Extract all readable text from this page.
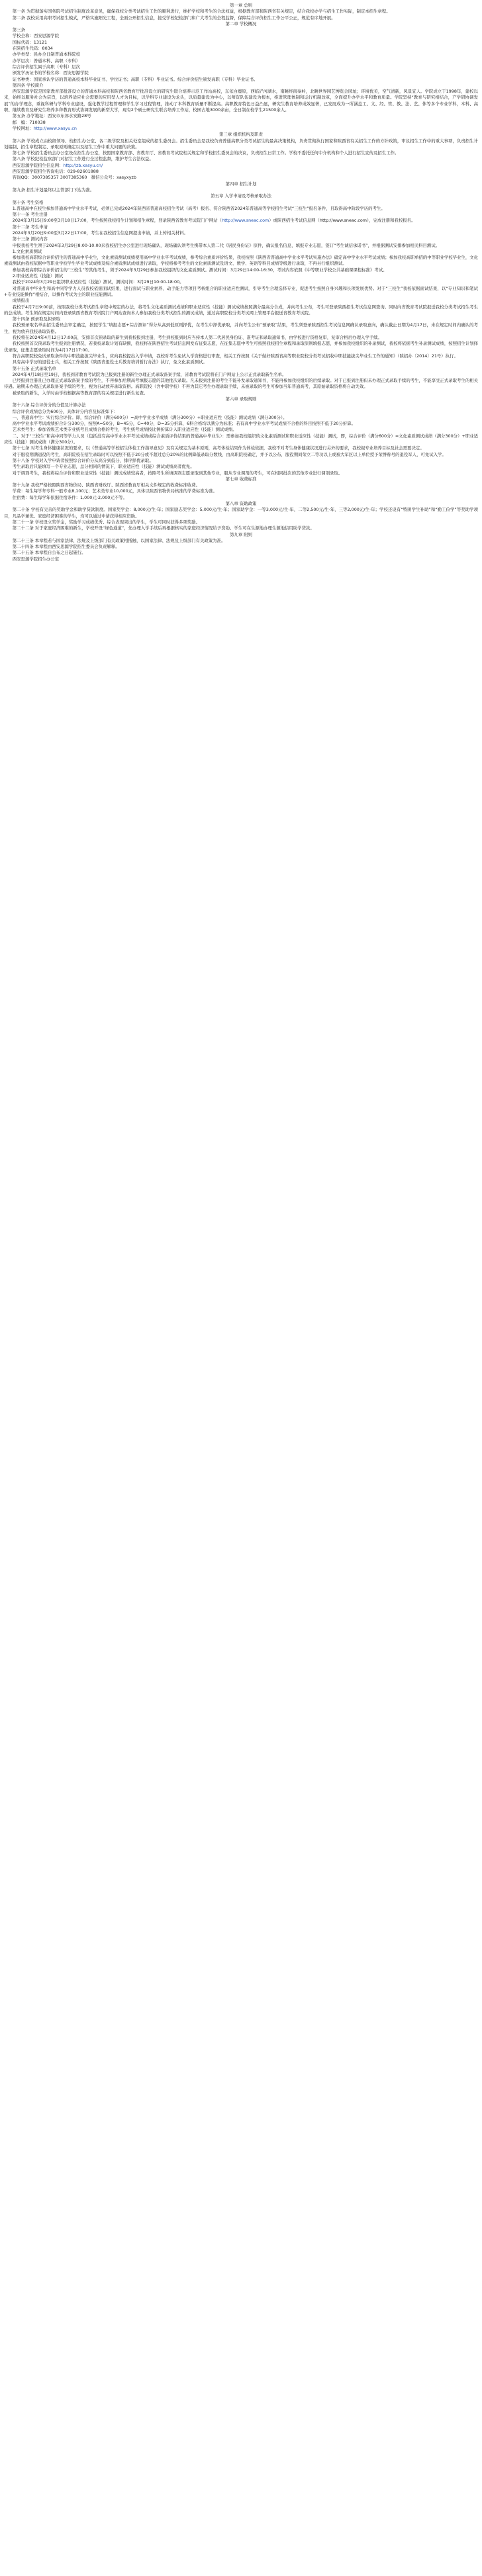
第一章 总则
第一条 为贯彻落实国务院考试招生制度改革意见，确保我校分类考试招生工作的顺利进行，维护学校和考生的合法权益，根据教育部和陕西省有关规定，结合我校办学与招生工作实际，制定本招生章程。
第二条 我校采用高职考试招生模式，严格实施阳光工程，全面公开招生信息，接受学校纪检部门和广大考生的全程监督，保障综合评价招生工作公平公正，规范有序地开展。
第二章 学校概况
第三条
学校全称：西安思源学院
国标代码：13121
在陕招生代码：8034
办学类型：民办全日制普通本科院校
办学层次：普通本科、高职（专科）
综合评价招生属于高职（专科）层次
颁发学历证书的学校名称：西安思源学院
证书种类：国家承认学历的普通高校本科毕业证书、学位证书；高职（专科）毕业证书。综合评价招生颁发高职（专科）毕业证书。
第四条 学校简介
西安思源学院是国家教育部批准设立的普通本科高校和陕西省教育厅批准设立的研究生联合培养示范工作站高校，东依白鹿原，西临浐河湖水，南眺终南秦岭，北眺世界园艺博览会园址；环境优美，空气清新，风景宜人。学院成立于1998年，建校以来，始终以服务社会为宗旨，以培养适应社会需要的应用型人才为目标，以学科专业建设为龙头，以质量建设为中心，以师资队伍建设为根本，推进管理体制和运行机制改革，全面提升办学水平和教育质量。学院坚持“教育与研究相结合，产学研协调发展”的办学理念，重视科研与学科专业建设，强化教学过程管理和学生学习过程管理，推动了本科教育质量不断提高。高职教育特色日益凸显，研究生教育培养成效显著，已发展成为一所涵盖工、文、经、管、教、法、艺、体等多个专业学科，本科、高职、继续教育及研究生培养多种教育形式协调发展的新型大学，现有2个硕士研究生联合培养工作站，校园占地3000余亩，全日制在校学生21500余人。
第五条 办学地址：西安市东郊水安路28号
邮　编：710038
学校网址：http://www.xasyu.cn
第三章 组织机构及职责
第六条 学校成立由校级领导、校招生办公室、各二级学院及相关处室组成的招生委员会。招生委员会是我校负责普通高职分类考试招生的最高决策机构，负责贯彻执行国家和陕西省有关招生工作的方针政策，审议招生工作中的重大事项，负责招生计划编制、招生章程制定、录取原则确定以及招生工作中重大问题的决策。
第七条 学校招生委员会办公室设在招生办公室，按照国家教育部、省教育厅、省教育考试院相关规定和学校招生委员会的决议，负责招生日常工作。学校不委托任何中介机构和个人进行招生宣传及招生工作。
第八条 学校纪检监察部门对招生工作进行全过程监督，维护考生合法权益。
西安思源学院招生信息网：http://zb.xasyu.cn/
西安思源学院招生咨询电话：029-82601888
咨询QQ：3007385357 3007385360　微信公众号：xasyxyzb
第四章 招生计划
第九条 招生计划最终以主管部门下达为准。
第五章 入学申请及考核录取办法
第十条 考生资格
1.普通高中在校生参加普通高中学业水平考试，必须已完成2024年陕西省普通高校招生考试（高考）报名、符合陕西省2024年普通高等学校招生考试“三校生”报名条件，且取得高中阶段学历的考生。
第十一条 考生注册
2024年3月15日9:00至3月18日17:00，考生按照我校招生计划和招生章程，登录陕西省教育考试院门户网站（http://www.sneac.com）或陕西招生考试信息网（http://www.sneac.com），完成注册和我校报名。
第十二条 考生申请
2024年3月20日9:00至3月22日17:00，考生在我校招生信息网提出申请，并上传相关材料。
第十三条 测试内容
申报我校考生须于2024年3月29日8:00-10:00来我校招生办公室进行现场确认，现场确认须考生携带本人第二代《居民身份证》原件，确认报名信息，填报专业志愿，签订“考生诚信承诺书”，并根据测试安排参加相关科目测试。
1.文化素质测试
参加我校高职综合评价招生的普通高中毕业生，文化素质测试成绩使用高中学业水平考试成绩，参考综合素质评价结果，我校按照《陕西省普通高中学业水平考试实施办法》确定高中学业水平考试成绩；参加我校高职单招的中等职业学校毕业生，文化素质测试由我校依据中等职业学校学生毕业考试成绩及综合素质测试成绩进行录取，学校将参考考生的文化素质测试及语文、数学、英语等科目成绩等级进行录取，不再另行组织测试。
参加我校高职综合评价招生的“三校生”等其他考生，须于2024年3月29日参加我校组织的文化素质测试。测试时间：3月29日14:00-16:30，考试内容依照《中等职业学校公共基础课课程标准》考试。
2.职业适应性（技能）测试
我校于2024年3月29日组织职业适应性（技能）测试，测试时间：3月29日10:00-18:00。
对普通高中毕业生和高中同等学力人员我校依据面试结果，进行面试与职业素养、动手能力等项目考核组合的职业适应性测试，引导考生合理选择专业，促进考生按照自身兴趣和长项发展优势。对于“三校生”我校依据面试结果，以“专业知识和笔试+专业技能操作”相结合，以操作考试为主的职业技能测试。
成绩报出
我校于4月7日9:00前，按照我校分类考试招生章程中规定的办法，将考生文化素质测试成绩和职业适应性（技能）测试成绩按照满分最高分合成，并向考生公布，考生可登录陕西招生考试信息网查询。同时向省教育考试院报送我校分类考试招生考生的总成绩。考生须在规定时间内登录陕西省教育考试院门户网站查询本人参加我校分类考试招生的测试成绩，通过高职院校分类考试网上管理平台报送省教育考试院。
第十四条 预录取及拟录取
我校预录取名单由招生委员会审定确定，按照学生“填报志愿+综合测评”得分从高到低原则择优，在考生中择优录取，并向考生公布“预录取”结果，考生须登录陕西招生考试信息网确认录取意向，确认截止日期为4月17日，未在规定时间内确认的考生，视为放弃我校录取资格。
我校将在2024年4月12日17:00前，安排首次预录取的新生到我校报到注册，考生到校报到时应当持本人第二代居民身份证、准考证和录取通知书，由学校进行资格复审，复审合格后办理入学手续。
我校按照首次预录取考生报到注册情况，若我校录取计划有缺额，我校将在陕西招生考试信息网发布征集志愿，在征集志愿中考生可按照我校招生章程和录取原则填报志愿，并参加我校组织的补录测试，我校将依据考生补录测试成绩，按照招生计划择优录取，征集志愿录取时间为4月17日17:00。
符合高职院校免试录取条件的中职技能拔尖毕业生，应向我校提出入学申请，我校对考生免试入学资格进行审查，相关工作按照《关于做好陕西省高等职业院校分类考试招收中职技能拔尖毕业生工作的通知》（陕招办〔2014〕21号）执行。
具有高中学历的退役士兵，相关工作按照《陕西省退役士兵教育培训暂行办法》执行，免文化素质测试。
第十五条 正式录取名单
2024年4月18日至19日，我校到省教育考试院为已报到注册的新生办理正式录取备案手续，省教育考试院将在门户网站上公示正式录取新生名单。
已经报到注册且已办理正式录取备案手续的考生，不再参加后期高考填报志愿的其他批次录取。凡未报到注册的考生不能补发录取通知书，不能再参加我校组织的后续录取。对于已报到注册但未办理正式录取手续的考生，不能享受正式录取考生的相关待遇。逾期未办理正式录取备案手续的考生，视为自动放弃录取资格。高职院校（含中职学校）不再为其它考生办理录取手续，未被录取的考生可参加当年普通高考，其原始录取资格将自动失效。
被录取的新生，入学时由学校根据高等教育部的有关规定进行新生复查。
第六章 录取规则
第十六条 综合评价分的分值及计算办法
综合评价成绩总分为600分，具体评分内容及标准如下：
一、普通高中生：实行综合评价。即，综合评价（满分600分）=高中学业水平成绩（满分300分）+职业适应性（技能）测试成绩（满分300分）。
高中学业水平考试成绩折合计分300分，按照A=50分，B=45分，C=40分，D=35分折算，6科合格均以满分为标准；若有高中学业水平考试成绩不合格的科目按照不低于20分折算。
艺术类考生：参加省级艺术类专业统考且成绩合格的考生，考生统考成绩按比例折算计入职业适应性（技能）测试成绩。
二、对于“三校生”和高中同等学力人员（包括没有高中学业水平考试成绩或综合素质评价结果的普通高中毕业生）：需参加我校组织的文化素质测试和职业适应性（技能）测试，即，综合评价（满分600分）=文化素质测试成绩（满分300分）+职业适应性（技能）测试成绩（满分300分）。
第十七条 对考生身体健康状况的要求，以《普通高等学校招生体检工作指导意见》及有关规定为基本原则，高考体检结果作为体检依据，我校不对考生身体健康状况进行另外的要求，我校视专业培养目标及社会需要决定。
对于服役期满退役的考生，高职院校在招生录取时可以按照不低于20分或不超过总分20%的比例降低录取分数线，由高职院校确定，并予以公布，服役期间荣立二等功以上或被大军区以上单位授予荣誉称号的退役军人，可免试入学。
第十八条 学校对入学申请者按照综合评价分从高分到低分，排序择优录取。
考生录取后只能填写一个专业志愿，总分相同的情况下，职业适应性（技能）测试成绩高者优先。
对于调剂考生，我校将综合评价和职业适应性（技能）测试成绩较高者，按照考生所填调剂志愿录取到其他专业，服从专业调剂的考生，可在相同批次的其他专业进行调剂录取。
第七章 收费标准
第十九条 我校严格按照陕西省物价局、陕西省财政厅、陕西省教育厅相关文件规定的收费标准收费。
学费：每生每学年专科一般专业8,100元；艺术类专业10,000元，具体以陕西省物价局核准的学费标准为准。
住宿费：每生每学年依据住宿条件：1,000元-2,000元不等。
第八章 资助政策
第二十条 学校有完善的奖助学金和助学贷款制度。国家奖学金：8,000元/生·年；国家励志奖学金：5,000元/生·年；国家助学金：一等3,000元/生·年，二等2,500元/生·年，三等2,000元/生·年；学校还设有“特困学生补助”和“勤工俭学”等奖助学项目，凡品学兼优、家庭经济困难的学生，均可以通过申请获得相应资助。
第二十一条 学校设立奖学金，奖励学习成绩优秀、综合表现突出的学生，学生可同时获得多项奖励。
第二十二条 对于家庭经济困难的新生，学校开设“绿色通道”，先办理入学手续后再根据核实的家庭经济情况给予资助。学生可在生源地办理生源地信用助学贷款。
第九章 附则
第二十三条 本章程若与国家法律、法规及上级部门有关政策相抵触，以国家法律、法规及上级部门有关政策为准。
第二十四条 本章程由西安思源学院招生委员会负责解释。
第二十五条 本章程自公布之日起施行。
西安思源学院招生办公室
